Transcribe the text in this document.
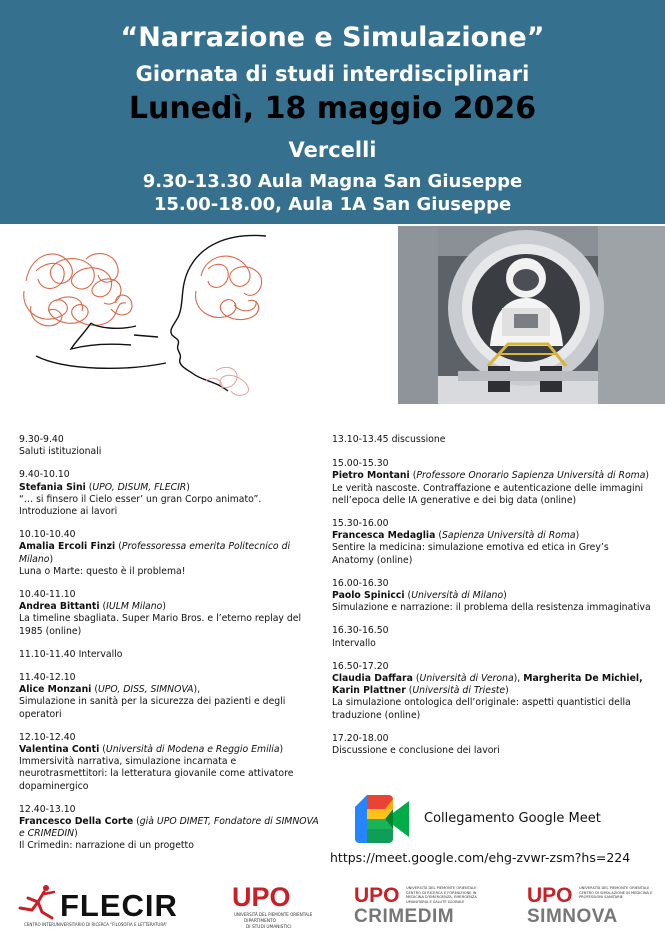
“Narrazione e Simulazione”
Giornata di studi interdisciplinari
Lunedì, 18 maggio 2026
Vercelli
9.30-13.30 Aula Magna San Giuseppe
15.00-18.00, Aula 1A San Giuseppe
9.30-9.40
Saluti istituzionali
9.40-10.10
Stefania Sini (UPO, DISUM, FLECIR)
“… si finsero il Cielo esser’ un gran Corpo animato”. Introduzione ai lavori
10.10-10.40
Amalia Ercoli Finzi (Professoressa emerita Politecnico di Milano)
Luna o Marte: questo è il problema!
10.40-11.10
Andrea Bittanti (IULM Milano)
La timeline sbagliata. Super Mario Bros. e l’eterno replay del 1985 (online)
11.10-11.40 Intervallo
11.40-12.10
Alice Monzani (UPO, DISS, SIMNOVA),
Simulazione in sanità per la sicurezza dei pazienti e degli operatori
12.10-12.40
Valentina Conti (Università di Modena e Reggio Emilia)
Immersività narrativa, simulazione incarnata e neurotrasmettitori: la letteratura giovanile come attivatore dopaminergico
12.40-13.10
Francesco Della Corte (già UPO DIMET, Fondatore di SIMNOVA e CRIMEDIN)
Il Crimedin: narrazione di un progetto
13.10-13.45 discussione
15.00-15.30
Pietro Montani (Professore Onorario Sapienza Università di Roma)
Le verità nascoste. Contraffazione e autenticazione delle immagini nell’epoca delle IA generative e dei big data (online)
15.30-16.00
Francesca Medaglia (Sapienza Università di Roma)
Sentire la medicina: simulazione emotiva ed etica in Grey’s Anatomy (online)
16.00-16.30
Paolo Spinicci (Università di Milano)
Simulazione e narrazione: il problema della resistenza immaginativa
16.30-16.50
Intervallo
16.50-17.20
Claudia Daffara (Università di Verona), Margherita De Michiel, Karin Plattner (Università di Trieste)
La simulazione ontologica dell’originale: aspetti quantistici della traduzione (online)
17.20-18.00
Discussione e conclusione dei lavori
Collegamento Google Meet
https://meet.google.com/ehg-zvwr-zsm?hs=224
FLECIR
CENTRO INTERUNIVERSITARIO DI RICERCA “FILOSOFIA E LETTERATURA”
UPO
UNIVERSITÀ DEL PIEMONTE ORIENTALE
DIPARTIMENTO
DI STUDI UMANISTICI
UPO UNIVERSITÀ DEL PIEMONTE ORIENTALE · CENTRO DI RICERCA E FORMAZIONE IN MEDICINA D’EMERGENZA, EMERGENZA UMANITARIA E SALUTE GLOBALE
CRIMEDIM
UPO UNIVERSITÀ DEL PIEMONTE ORIENTALE · CENTRO DI SIMULAZIONE IN MEDICINA E PROFESSIONI SANITARIE
SIMNOVA
